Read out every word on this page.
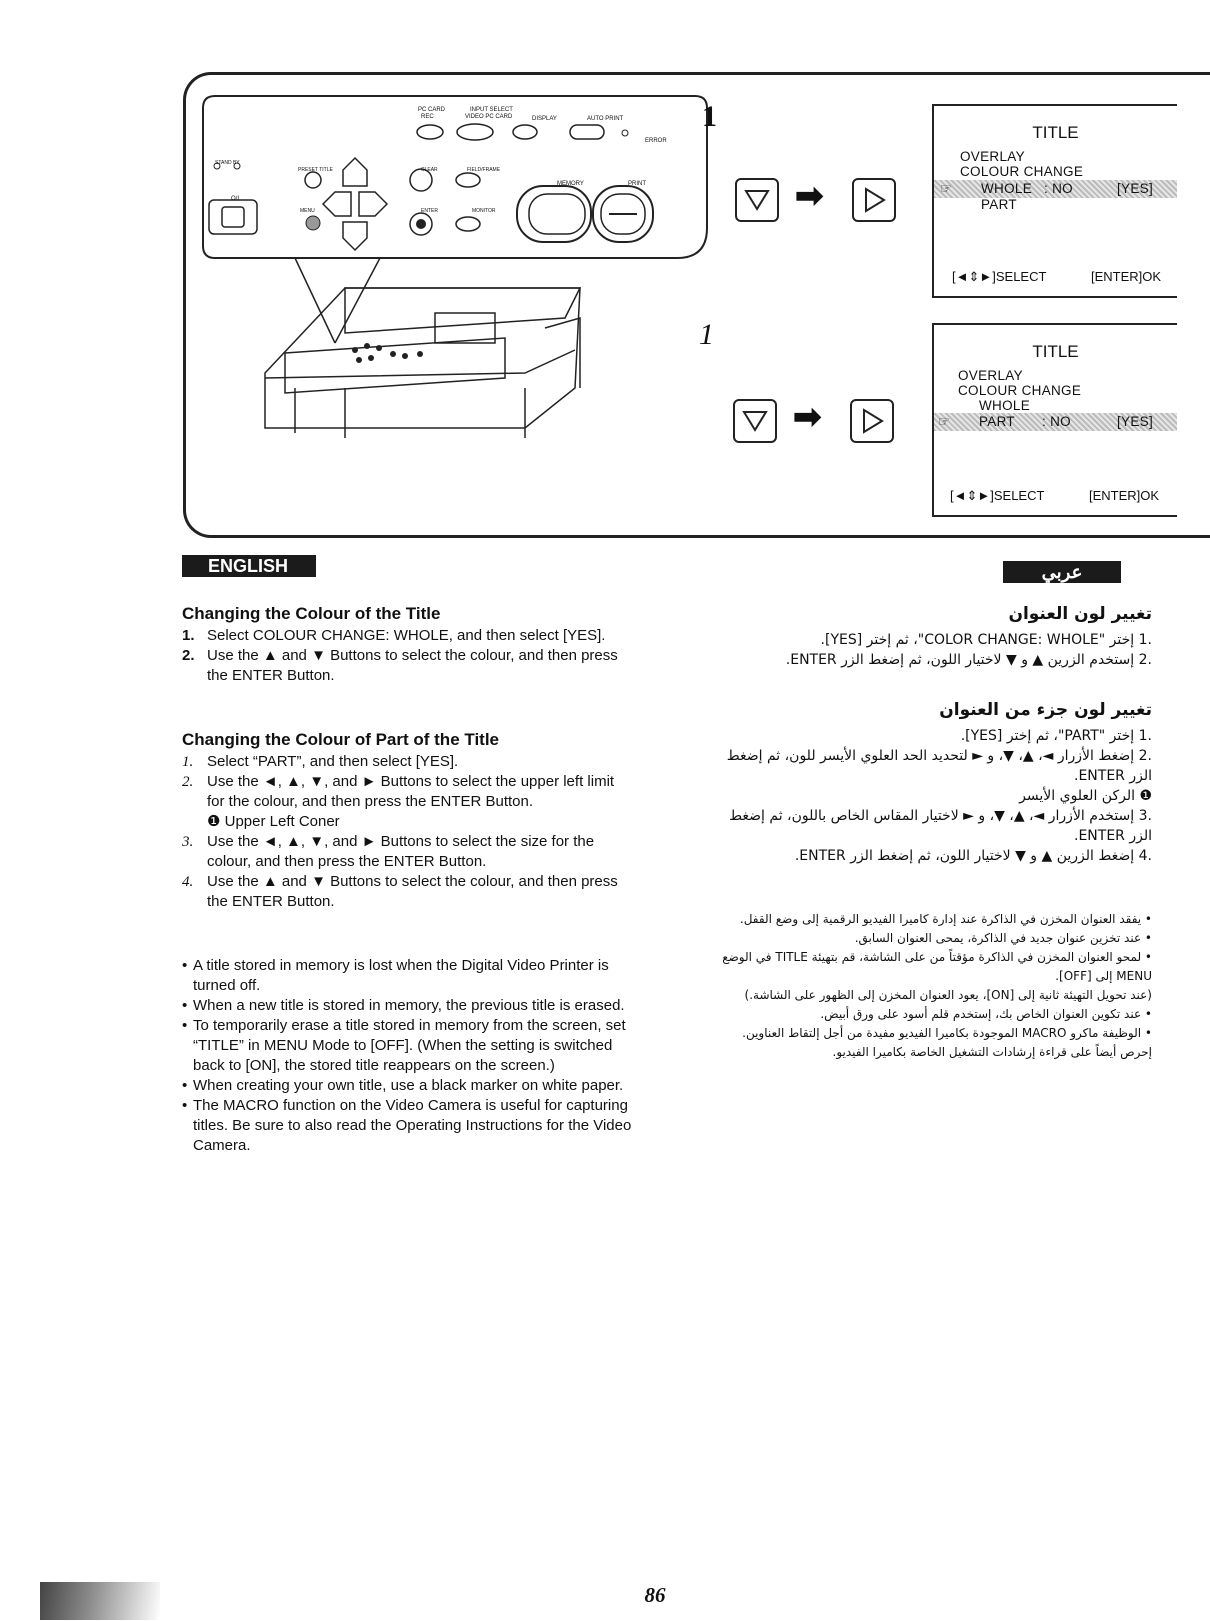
PC CARD	INPUT SELECT
REC	VIDEO PC CARD	DISPLAY	AUTO PRINT
ERROR
STAND BY
O/I
PRESET TITLE	CLEAR	FIELD/FRAME
MEMORY	PRINT
MENU	ENTER	MONITOR
1
1
➡
➡
TITLE
OVERLAY
COLOUR CHANGE
☞ WHOLE : NO	[YES]
PART
[◄⇕►]SELECT	[ENTER]OK
TITLE
OVERLAY
COLOUR CHANGE
WHOLE
☞ PART : NO	[YES]
[◄⇕►]SELECT	[ENTER]OK
ENGLISH	عربي
Changing the Colour of the Title
1. Select COLOUR CHANGE: WHOLE, and then select [YES].
2. Use the ▲ and ▼ Buttons to select the colour, and then press the ENTER Button.
Changing the Colour of Part of the Title
1. Select “PART”, and then select [YES].
2. Use the ◄, ▲, ▼, and ► Buttons to select the upper left limit for the colour, and then press the ENTER Button.
❶ Upper Left Coner
3. Use the ◄, ▲, ▼, and ► Buttons to select the size for the colour, and then press the ENTER Button.
4. Use the ▲ and ▼ Buttons to select the colour, and then press the ENTER Button.
• A title stored in memory is lost when the Digital Video Printer is turned off.
• When a new title is stored in memory, the previous title is erased.
• To temporarily erase a title stored in memory from the screen, set “TITLE” in MENU Mode to [OFF]. (When the setting is switched back to [ON], the stored title reappears on the screen.)
• When creating your own title, use a black marker on white paper.
• The MACRO function on the Video Camera is useful for capturing titles. Be sure to also read the Operating Instructions for the Video Camera.
تغيير لون العنوان
.1 إختر "COLOR CHANGE: WHOLE"، ثم إختر [YES].
.2 إستخدم الزرين ▲ و ▼ لاختيار اللون، ثم إضغط الزر ENTER.
تغيير لون جزء من العنوان
.1 إختر "PART"، ثم إختر [YES].
.2 إضغط الأزرار ◄، ▲، ▼، و ► لتحديد الحد العلوي الأيسر للون، ثم إضغط الزر ENTER.
❶ الركن العلوي الأيسر
.3 إستخدم الأزرار ◄، ▲، ▼، و ► لاختيار المقاس الخاص باللون، ثم إضغط الزر ENTER.
.4 إضغط الزرين ▲ و ▼ لاختيار اللون، ثم إضغط الزر ENTER.
• يفقد العنوان المخزن في الذاكرة عند إدارة كاميرا الفيديو الرقمية إلى وضع القفل.
• عند تخزين عنوان جديد في الذاكرة، يمحى العنوان السابق.
• لمحو العنوان المخزن في الذاكرة مؤقتاً من على الشاشة، قم بتهيئة TITLE في الوضع MENU إلى [OFF].
(عند تحويل التهيئة ثانية إلى [ON]، يعود العنوان المخزن إلى الظهور على الشاشة.)
• عند تكوين العنوان الخاص بك، إستخدم قلم أسود على ورق أبيض.
• الوظيفة ماكرو MACRO الموجودة بكاميرا الفيديو مفيدة من أجل إلتقاط العناوين.
إحرص أيضاً على قراءة إرشادات التشغيل الخاصة بكاميرا الفيديو.
86
